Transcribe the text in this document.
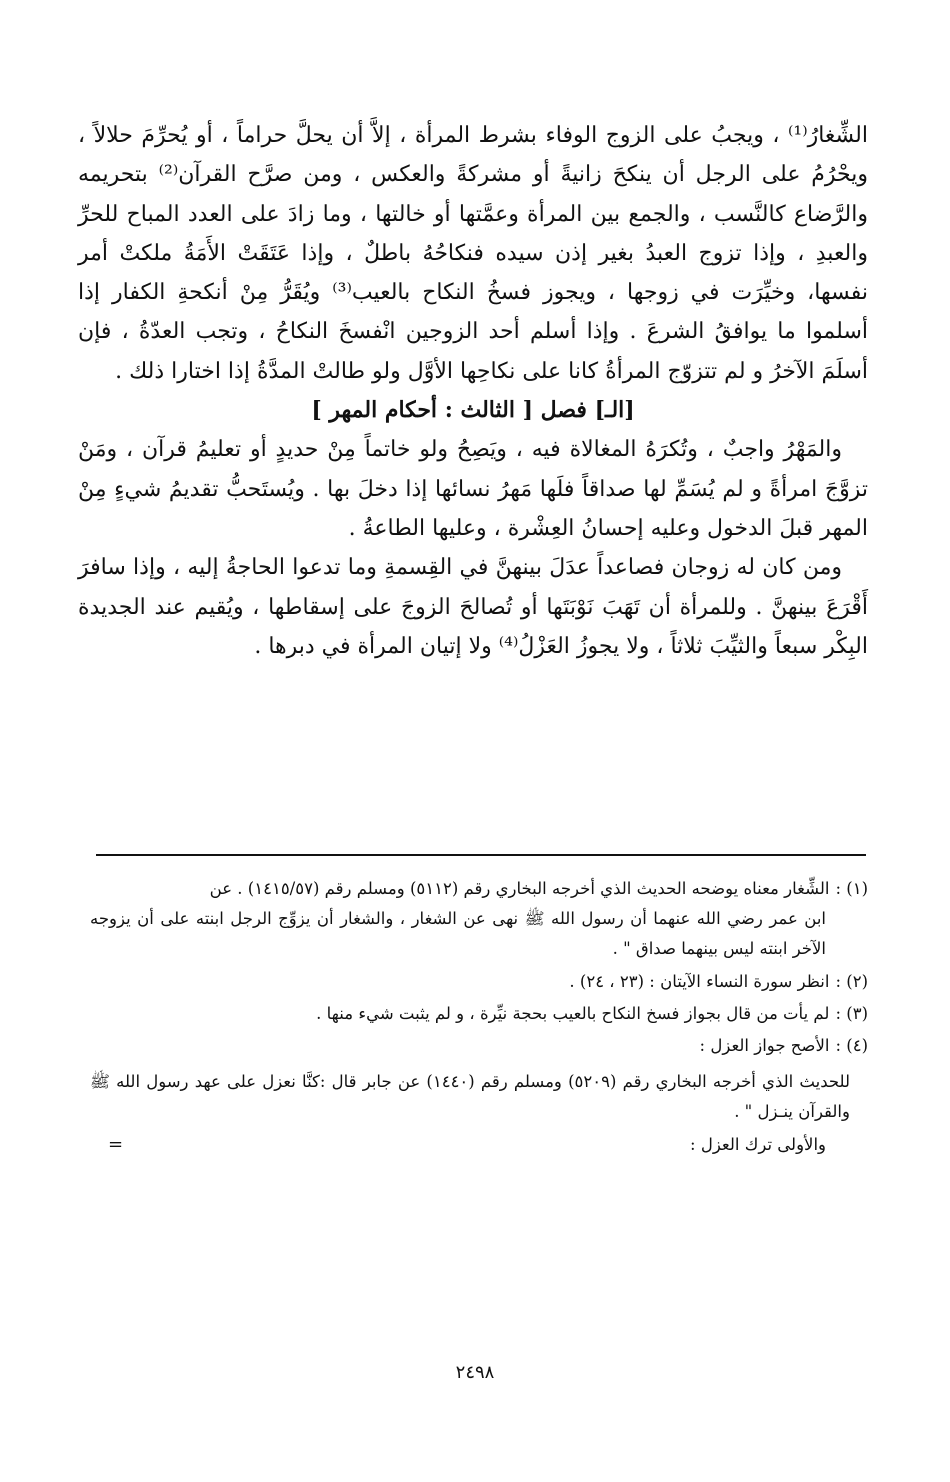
الشِّغارُ⁽¹⁾ ، ويجبُ على الزوج الوفاء بشرط المرأة ، إلاَّ أن يحلَّ حراماً ، أو يُحرِّمَ حلالاً ، ويحْرُمُ على الرجل أن ينكحَ زانيةً أو مشركةً والعكس ، ومن صرَّح القرآن⁽²⁾ بتحريمه والرَّضاع كالنَّسب ، والجمع بين المرأة وعمَّتها أو خالتها ، وما زادَ على العدد المباح للحرِّ والعبدِ ، وإذا تزوج العبدُ بغير إذن سيده فنكاحُهُ باطلٌ ، وإذا عَتَقَتْ الأَمَةُ ملكتْ أمر نفسها، وخيِّرَت في زوجها ، ويجوز فسخُ النكاح بالعيب⁽³⁾ ويُقَرُّ مِنْ أنكحةِ الكفار إذا أسلموا ما يوافقُ الشرعَ . وإذا أسلم أحد الزوجين انْفسخَ النكاحُ ، وتجب العدّةُ ، فإن أسلَمَ الآخرُ و لم تتزوّج المرأةُ كانا على نكاحِها الأوَّل ولو طالتْ المدَّةُ إذا اختارا ذلك .

[الـ] فصل [ الثالث : أحكام المهر ]

والمَهْرُ واجبٌ ، وتُكرَهُ المغالاة فيه ، ويَصِحُ ولو خاتماً مِنْ حديدٍ أو تعليمُ قرآن ، ومَنْ تزوَّجَ امرأةً و لم يُسَمِّ لها صداقاً فلَها مَهرُ نسائها إذا دخلَ بها . ويُستَحبُّ تقديمُ شيءٍ مِنْ المهر قبلَ الدخول وعليه إحسانُ العِشْرة ، وعليها الطاعةُ .

ومن كان له زوجان فصاعداً عدَلَ بينهنَّ في القِسمةِ وما تدعوا الحاجةُ إليه ، وإذا سافرَ أَقْرَعَ بينهنَّ . وللمرأة أن تَهَبَ نَوْبَتَها أو تُصالحَ الزوجَ على إسقاطها ، ويُقيم عند الجديدة البِكْر سبعاً والثيِّبَ ثلاثاً ، ولا يجوزُ العَزْلُ⁽⁴⁾ ولا إتيان المرأة في دبرها .

(١) :الشِّغار معناه يوضحه الحديث الذي أخرجه البخاري رقم (٥١١٢) ومسلم رقم (١٤١٥/٥٧) . عن

ابن عمر رضي الله عنهما أن رسول الله ﷺ نهى عن الشغار ، والشغار أن يزوِّج الرجل ابنته على أن يزوجه الآخر ابنته ليس بينهما صداق " .

(٢) :انظر سورة النساء الآيتان : (٢٣ ، ٢٤) .
(٣) :لم يأت من قال بجواز فسخ النكاح بالعيب بحجة نيِّرة ، و لم يثبت شيء منها .
(٤) :الأصح جواز العزل :

للحديث الذي أخرجه البخاري رقم (٥٢٠٩) ومسلم رقم (١٤٤٠) عن جابر قال :كنَّا نعزل على عهد رسول الله ﷺ والقرآن ينـزل " .

والأولى ترك العزل :
=

٢٤٩٨
